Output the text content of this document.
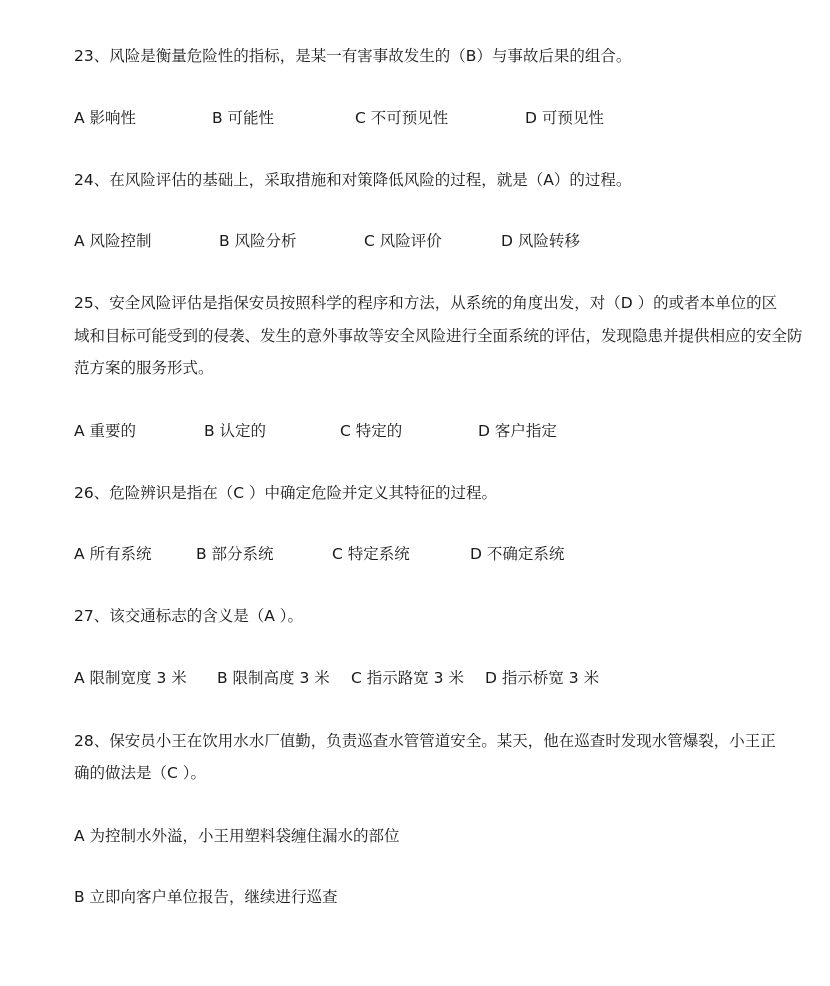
23、风险是衡量危险性的指标，是某一有害事故发生的（B）与事故后果的组合。
A 影响性	B 可能性	C 不可预见性	D 可预见性
24、在风险评估的基础上，采取措施和对策降低风险的过程，就是（A）的过程。
A 风险控制	B 风险分析	C 风险评价	D 风险转移
25、安全风险评估是指保安员按照科学的程序和方法，从系统的角度出发，对（D ）的或者本单位的区
域和目标可能受到的侵袭、发生的意外事故等安全风险进行全面系统的评估，发现隐患并提供相应的安全防
范方案的服务形式。
A 重要的	B 认定的	C 特定的	D 客户指定
26、危险辨识是指在（C ）中确定危险并定义其特征的过程。
A 所有系统	B 部分系统	C 特定系统	D 不确定系统
27、该交通标志的含义是（A ）。
A 限制宽度 3 米 B 限制高度 3 米 C 指示路宽 3 米 D 指示桥宽 3 米
28、保安员小王在饮用水水厂值勤，负责巡查水管管道安全。某天，他在巡查时发现水管爆裂，小王正
确的做法是（C ）。
A 为控制水外溢，小王用塑料袋缠住漏水的部位
B 立即向客户单位报告，继续进行巡查
